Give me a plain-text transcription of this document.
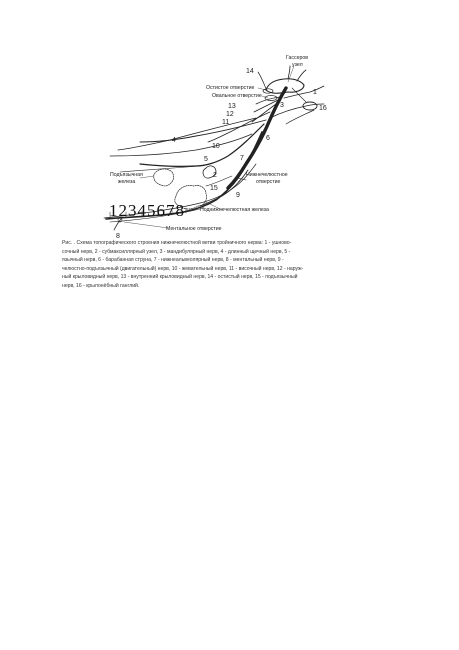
14
1
3
13
12
11
16
4
10
6
5	7
2
15
9
8
Гассеров
узел
Остистое отверстие
Овальное отверстие
Подъязычная
железа
Нижнечелюстное
отверстие
Поднижнечелюстная железа
Ментальное отверстие
12345678

Рис. . Схема топографического строения нижнечелюстной ветви тройничного нерва: 1 - ушново-
сочный нерв, 2 - субмаксиллярный узел, 3 - мандибулярный нерв, 4 - длинный щечный нерв, 5 -
язычный нерв, 6 - барабанная струна, 7 - нижнеальвеолярный нерв, 8 - ментальный нерв, 9 -
челюстно-подъязычный (двигательный) нерв, 10 - жевательный нерв, 11 - височный нерв, 12 - наруж-
ный крыловидный нерв, 13 - внутренний крыловидный нерв, 14 - остистый нерв, 15 - подъязычный
нерв, 16 - крылонёбный ганглий.
